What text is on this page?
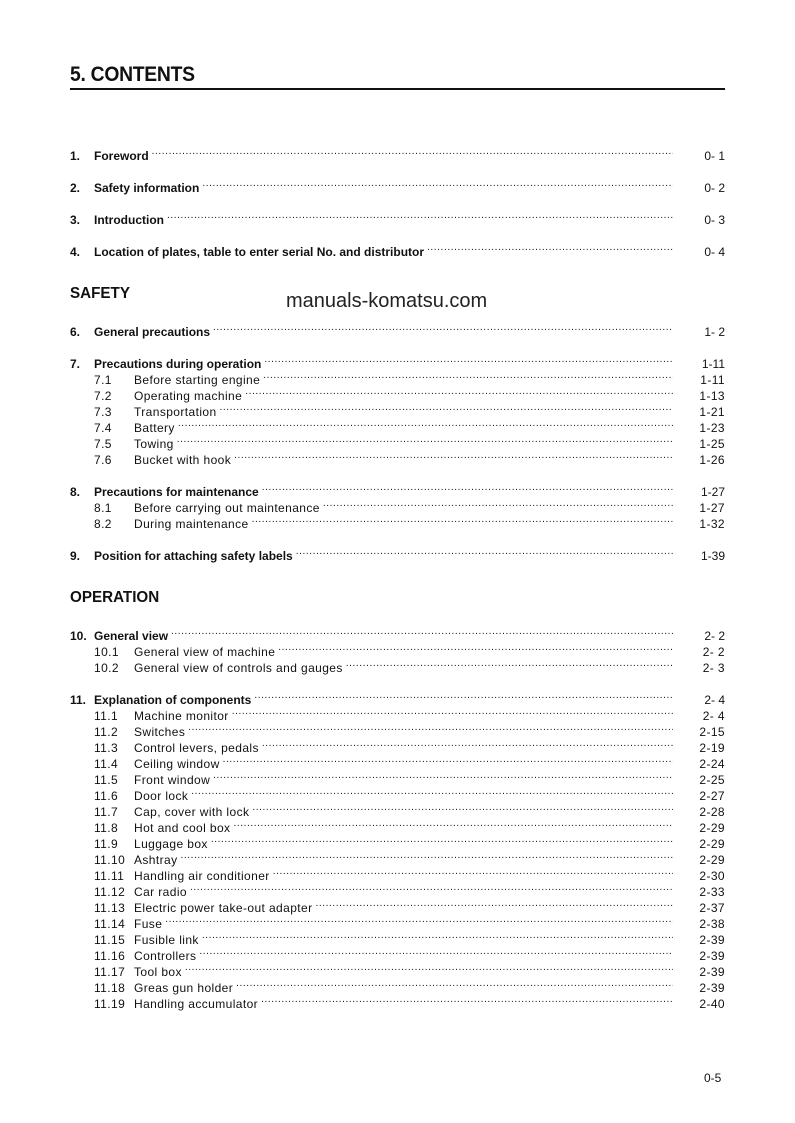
5. CONTENTS
1.	Foreword .....	0- 1
2.	Safety information .....	0- 2
3.	Introduction .....	0- 3
4.	Location of plates, table to enter serial No. and distributor .....	0- 4
SAFETY	manuals-komatsu.com
6.	General precautions .....	1- 2
7.	Precautions during operation .....	1-11
7.1	Before starting engine .....	1-11
7.2	Operating machine .....	1-13
7.3	Transportation .....	1-21
7.4	Battery .....	1-23
7.5	Towing .....	1-25
7.6	Bucket with hook .....	1-26
8.	Precautions for maintenance .....	1-27
8.1	Before carrying out maintenance .....	1-27
8.2	During maintenance .....	1-32
9.	Position for attaching safety labels .....	1-39
OPERATION
10. General view .....	2- 2
10.1	General view of machine .....	2- 2
10.2	General view of controls and gauges .....	2- 3
11. Explanation of components .....	2- 4
11.1	Machine monitor .....	2- 4
11.2	Switches .....	2-15
11.3	Control levers, pedals .....	2-19
11.4	Ceiling window .....	2-24
11.5	Front window .....	2-25
11.6	Door lock .....	2-27
11.7	Cap, cover with lock .....	2-28
11.8	Hot and cool box .....	2-29
11.9	Luggage box .....	2-29
11.10 Ashtray .....	2-29
11.11 Handling air conditioner .....	2-30
11.12 Car radio .....	2-33
11.13 Electric power take-out adapter .....	2-37
11.14 Fuse .....	2-38
11.15 Fusible link .....	2-39
11.16 Controllers .....	2-39
11.17 Tool box .....	2-39
11.18 Greas gun holder .....	2-39
11.19 Handling accumulator .....	2-40
0-5
